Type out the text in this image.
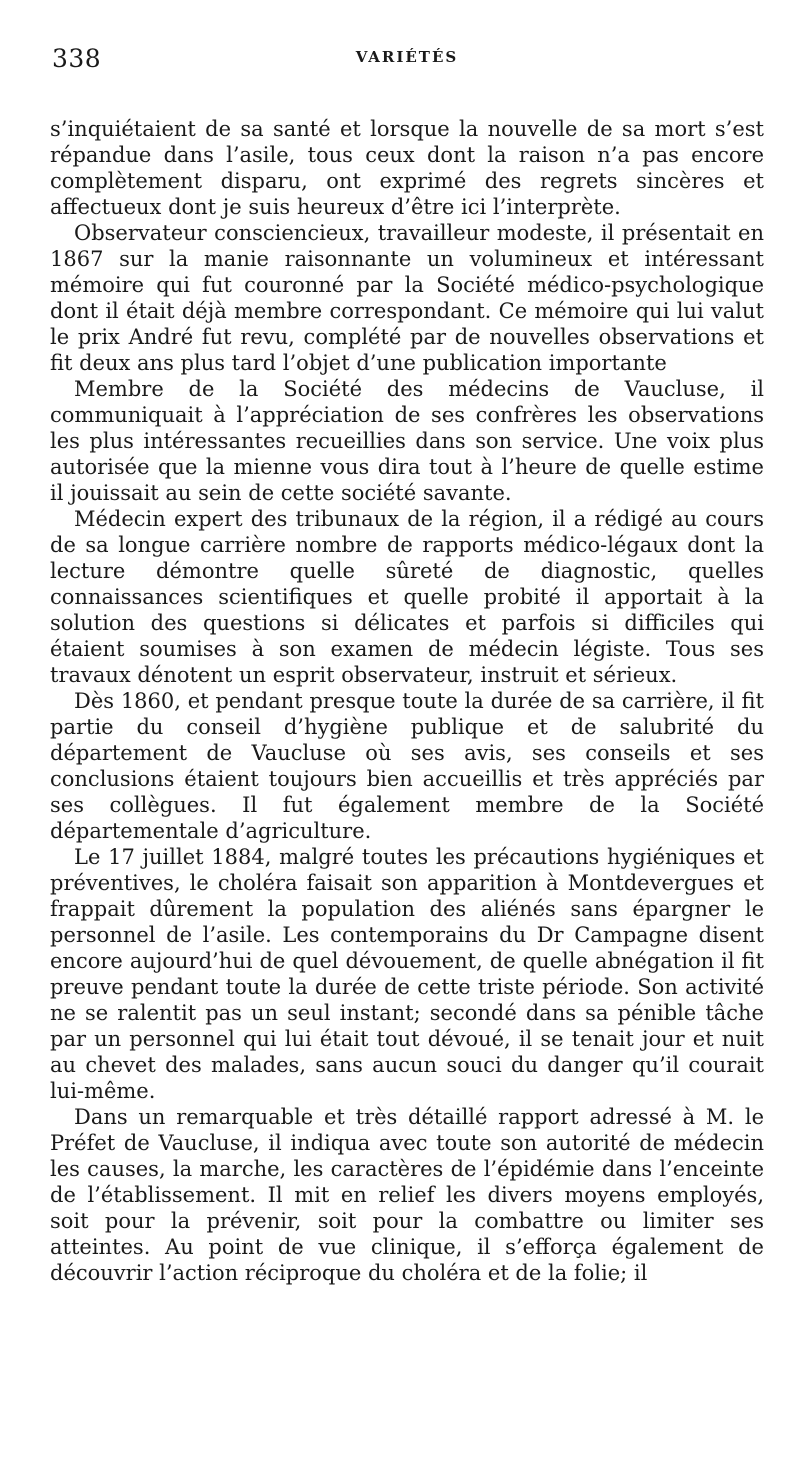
338	VARIÉTÉS

s’inquiétaient de sa santé et lorsque la nouvelle de sa mort s’est répandue dans l’asile, tous ceux dont la raison n’a pas encore complètement disparu, ont exprimé des regrets sincères et affectueux dont je suis heureux d’être ici l’interprète.

Observateur consciencieux, travailleur modeste, il présentait en 1867 sur la manie raisonnante un volumineux et intéressant mémoire qui fut couronné par la Société médico-psychologique dont il était déjà membre correspondant. Ce mémoire qui lui valut le prix André fut revu, complété par de nouvelles observations et fit deux ans plus tard l’objet d’une publication importante

Membre de la Société des médecins de Vaucluse, il communiquait à l’appréciation de ses confrères les observations les plus intéressantes recueillies dans son service. Une voix plus autorisée que la mienne vous dira tout à l’heure de quelle estime il jouissait au sein de cette société savante.

Médecin expert des tribunaux de la région, il a rédigé au cours de sa longue carrière nombre de rapports médico-légaux dont la lecture démontre quelle sûreté de diagnostic, quelles connaissances scientifiques et quelle probité il apportait à la solution des questions si délicates et parfois si difficiles qui étaient soumises à son examen de médecin légiste. Tous ses travaux dénotent un esprit observateur, instruit et sérieux.

Dès 1860, et pendant presque toute la durée de sa carrière, il fit partie du conseil d’hygiène publique et de salubrité du département de Vaucluse où ses avis, ses conseils et ses conclusions étaient toujours bien accueillis et très appréciés par ses collègues. Il fut également membre de la Société départementale d’agriculture.

Le 17 juillet 1884, malgré toutes les précautions hygiéniques et préventives, le choléra faisait son apparition à Montdevergues et frappait dûrement la population des aliénés sans épargner le personnel de l’asile. Les contemporains du Dr Campagne disent encore aujourd’hui de quel dévouement, de quelle abnégation il fit preuve pendant toute la durée de cette triste période. Son activité ne se ralentit pas un seul instant; secondé dans sa pénible tâche par un personnel qui lui était tout dévoué, il se tenait jour et nuit au chevet des malades, sans aucun souci du danger qu’il courait lui-même.

Dans un remarquable et très détaillé rapport adressé à M. le Préfet de Vaucluse, il indiqua avec toute son autorité de médecin les causes, la marche, les caractères de l’épidémie dans l’enceinte de l’établissement. Il mit en relief les divers moyens employés, soit pour la prévenir, soit pour la combattre ou limiter ses atteintes. Au point de vue clinique, il s’efforça également de découvrir l’action réciproque du choléra et de la folie; il
